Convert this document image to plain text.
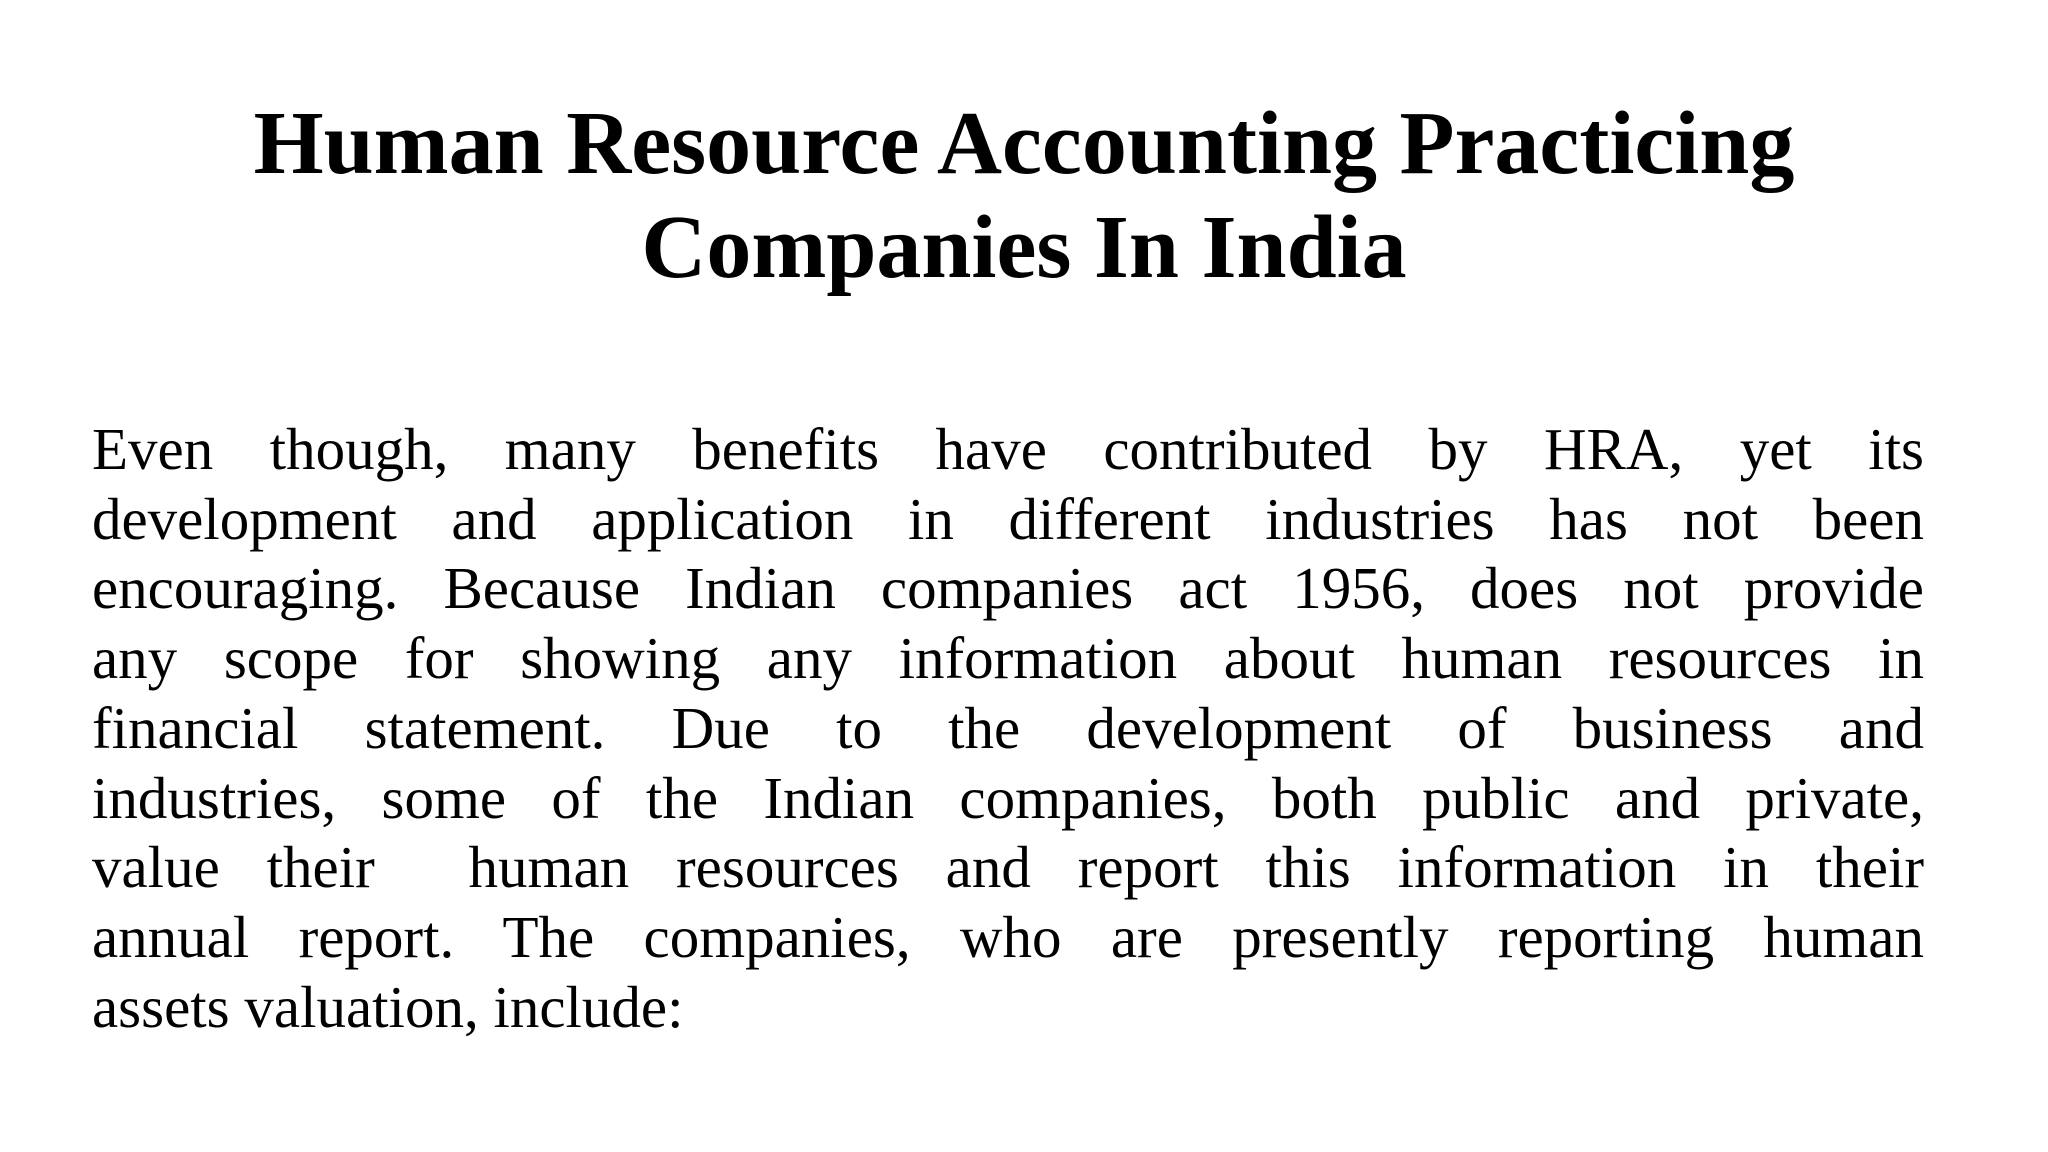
Human Resource Accounting Practicing
Companies In India
Even though, many benefits have contributed by HRA, yet its
development and application in different industries has not been
encouraging. Because Indian companies act 1956, does not provide
any scope for showing any information about human resources in
financial statement. Due to the development of business and
industries, some of the Indian companies, both public and private,
value their  human resources and report this information in their
annual report. The companies, who are presently reporting human
assets valuation, include:
